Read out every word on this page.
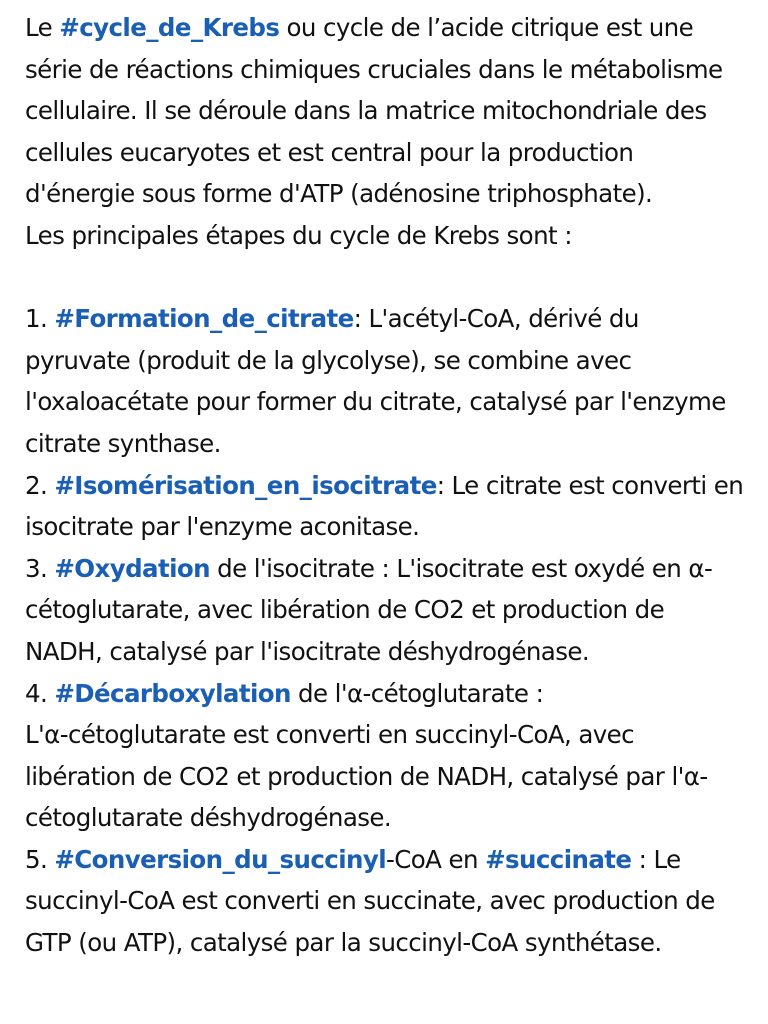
Le #cycle_de_Krebs ou cycle de l’acide citrique est une série de réactions chimiques cruciales dans le métabolisme cellulaire. Il se déroule dans la matrice mitochondriale des cellules eucaryotes et est central pour la production d'énergie sous forme d'ATP (adénosine triphosphate).
Les principales étapes du cycle de Krebs sont :

1. #Formation_de_citrate: L'acétyl-CoA, dérivé du pyruvate (produit de la glycolyse), se combine avec l'oxaloacétate pour former du citrate, catalysé par l'enzyme citrate synthase.

2. #Isomérisation_en_isocitrate: Le citrate est converti en isocitrate par l'enzyme aconitase.

3. #Oxydation de l'isocitrate : L'isocitrate est oxydé en α-cétoglutarate, avec libération de CO2 et production de NADH, catalysé par l'isocitrate déshydrogénase.

4. #Décarboxylation de l'α-cétoglutarate :
L'α-cétoglutarate est converti en succinyl-CoA, avec libération de CO2 et production de NADH, catalysé par l'α-cétoglutarate déshydrogénase.

5. #Conversion_du_succinyl-CoA en #succinate : Le succinyl-CoA est converti en succinate, avec production de GTP (ou ATP), catalysé par la succinyl-CoA synthétase.
